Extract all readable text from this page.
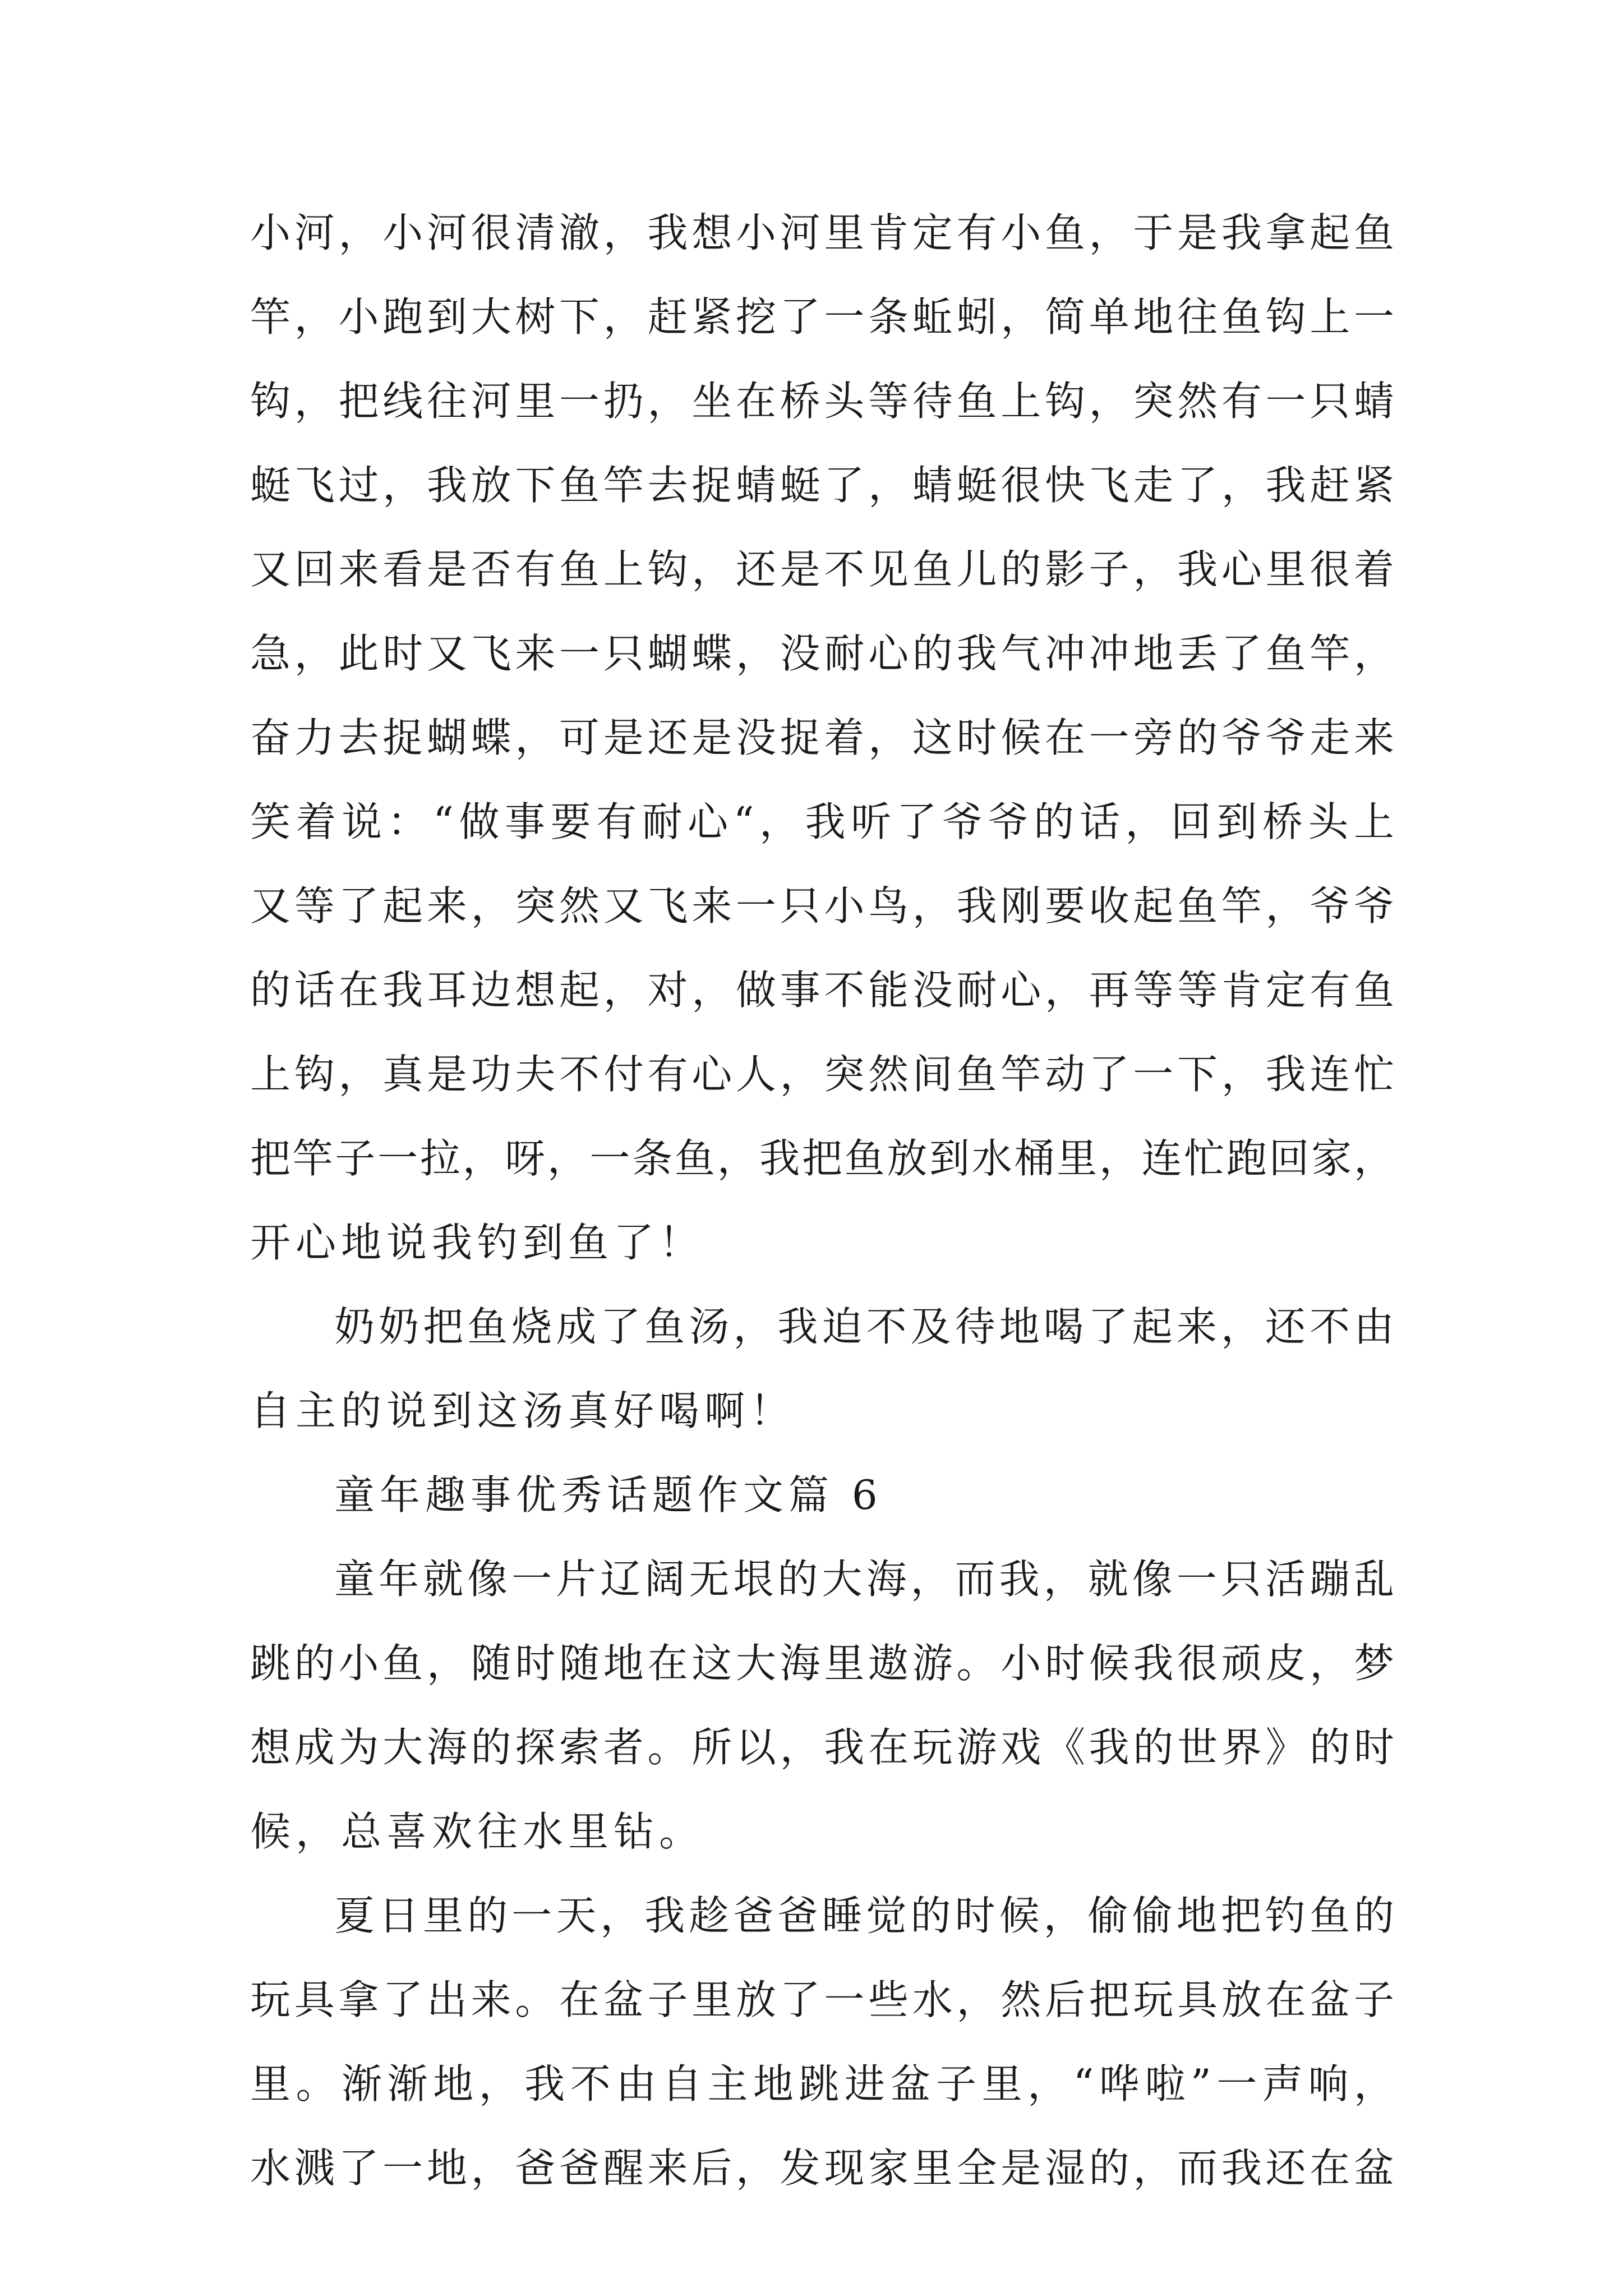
小河，小河很清澈，我想小河里肯定有小鱼，于是我拿起鱼
竿，小跑到大树下，赶紧挖了一条蚯蚓，简单地往鱼钩上一
钩，把线往河里一扔，坐在桥头等待鱼上钩，突然有一只蜻
蜓飞过，我放下鱼竿去捉蜻蜓了，蜻蜓很快飞走了，我赶紧
又回来看是否有鱼上钩，还是不见鱼儿的影子，我心里很着
急，此时又飞来一只蝴蝶，没耐心的我气冲冲地丢了鱼竿，
奋力去捉蝴蝶，可是还是没捉着，这时候在一旁的爷爷走来
笑着说：“做事要有耐心“，我听了爷爷的话，回到桥头上
又等了起来，突然又飞来一只小鸟，我刚要收起鱼竿，爷爷
的话在我耳边想起，对，做事不能没耐心，再等等肯定有鱼
上钩，真是功夫不付有心人，突然间鱼竿动了一下，我连忙
把竿子一拉，呀，一条鱼，我把鱼放到水桶里，连忙跑回家，
开心地说我钓到鱼了！
奶奶把鱼烧成了鱼汤，我迫不及待地喝了起来，还不由
自主的说到这汤真好喝啊！
童年趣事优秀话题作文篇 6
童年就像一片辽阔无垠的大海，而我，就像一只活蹦乱
跳的小鱼，随时随地在这大海里遨游。小时候我很顽皮，梦
想成为大海的探索者。所以，我在玩游戏《我的世界》的时
候，总喜欢往水里钻。
夏日里的一天，我趁爸爸睡觉的时候，偷偷地把钓鱼的
玩具拿了出来。在盆子里放了一些水，然后把玩具放在盆子
里。渐渐地，我不由自主地跳进盆子里，“哗啦”一声响，
水溅了一地，爸爸醒来后，发现家里全是湿的，而我还在盆
